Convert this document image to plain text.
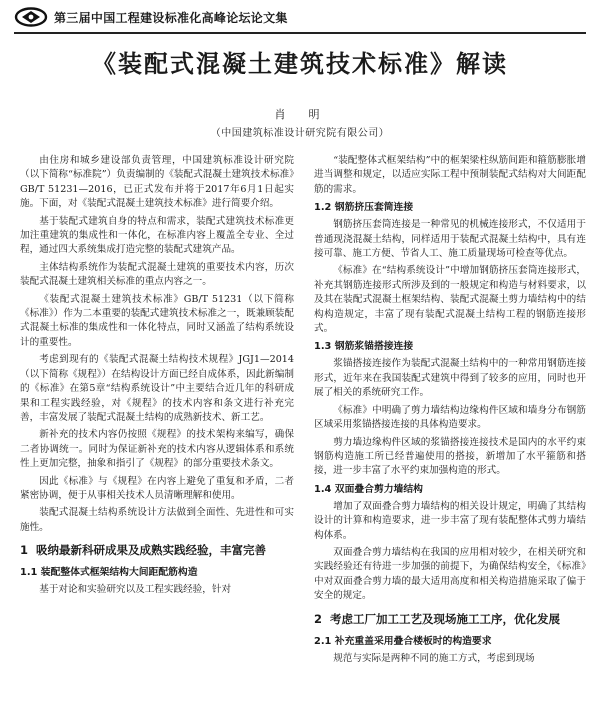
第三届中国工程建设标准化高峰论坛论文集
《装配式混凝土建筑技术标准》解读
肖　明
（中国建筑标准设计研究院有限公司）

由住房和城乡建设部负责管理，中国建筑标准设计研究院（以下简称“标准院”）负责编制的《装配式混凝土建筑技术标准》GB/T 51231—2016，已正式发布并将于2017年6月1日起实施。下面，对《装配式混凝土建筑技术标准》进行简要介绍。

基于装配式建筑自身的特点和需求，装配式建筑技术标准更加注重建筑的集成性和一体化，在标准内容上覆盖全专业、全过程，通过四大系统集成打造完整的装配式建筑产品。

主体结构系统作为装配式混凝土建筑的重要技术内容，历次装配式混凝土建筑相关标准的重点内容之一。

《装配式混凝土建筑技术标准》GB/T 51231（以下简称《标准》）作为二本重要的装配式建筑技术标准之一，既兼顾装配式混凝土标准的集成性和一体化特点，同时又涵盖了结构系统设计的重要性。

考虑到现有的《装配式混凝土结构技术规程》JGJ1—2014（以下简称《规程》）在结构设计方面已经自成体系，因此新编制的《标准》在第5章“结构系统设计”中主要结合近几年的科研成果和工程实践经验，对《规程》的技术内容和条文进行补充完善，丰富发展了装配式混凝土结构的成熟新技术、新工艺。

新补充的技术内容仍按照《规程》的技术架构来编写，确保二者协调统一。同时为保证新补充的技术内容从逻辑体系和系统性上更加完整，抽象和指引了《规程》的部分重要技术条文。

因此《标准》与《规程》在内容上避免了重复和矛盾，二者紧密协调，便于从事相关技术人员清晰理解和使用。

装配式混凝土结构系统设计方法做到全面性、先进性和可实施性。

1 吸纳最新科研成果及成熟实践经验，丰富完善
1.1 装配整体式框架结构大间距配筋构造

基于对论和实验研究以及工程实践经验，针对

“装配整体式框架结构”中的框架梁柱纵筋间距和箍筋膨胀增进当调整和规定，以适应实际工程中预制装配式结构对大间距配筋的需求。

1.2 钢筋挤压套筒连接

钢筋挤压套筒连接是一种常见的机械连接形式，不仅适用于普通现浇混凝土结构，同样适用于装配式混凝土结构中，具有连接可靠、施工方便、节省人工、施工质量现场可检查等优点。

《标准》在“结构系统设计”中增加钢筋挤压套筒连接形式，补充其钢筋连接形式所涉及到的一般规定和构造与材料要求，以及其在装配式混凝土框架结构、装配式混凝土剪力墙结构中的结构构造规定，丰富了现有装配式混凝土结构工程的钢筋连接形式。

1.3 钢筋浆锚搭接连接

浆锚搭接连接作为装配式混凝土结构中的一种常用钢筋连接形式，近年来在我国装配式建筑中得到了较多的应用，同时也开展了相关的系统研究工作。

《标准》中明确了剪力墙结构边缘构件区域和墙身分布钢筋区域采用浆锚搭接连接的具体构造要求。

剪力墙边缘构件区域的浆锚搭接连接技术是国内的水平约束钢筋构造施工所已经普遍使用的搭接，新增加了水平箍筋和搭接，进一步丰富了水平约束加强构造的形式。

1.4 双面叠合剪力墙结构

增加了双面叠合剪力墙结构的相关设计规定，明确了其结构设计的计算和构造要求，进一步丰富了现有装配整体式剪力墙结构体系。

双面叠合剪力墙结构在我国的应用相对较少，在相关研究和实践经验还有待进一步加强的前提下，为确保结构安全，《标准》中对双面叠合剪力墙的最大适用高度和相关构造措施采取了偏于安全的规定。

2 考虑工厂加工工艺及现场施工工序，优化发展
2.1 补充重盖采用叠合楼板时的构造要求

规范与实际是两种不同的施工方式，考虑到现场
